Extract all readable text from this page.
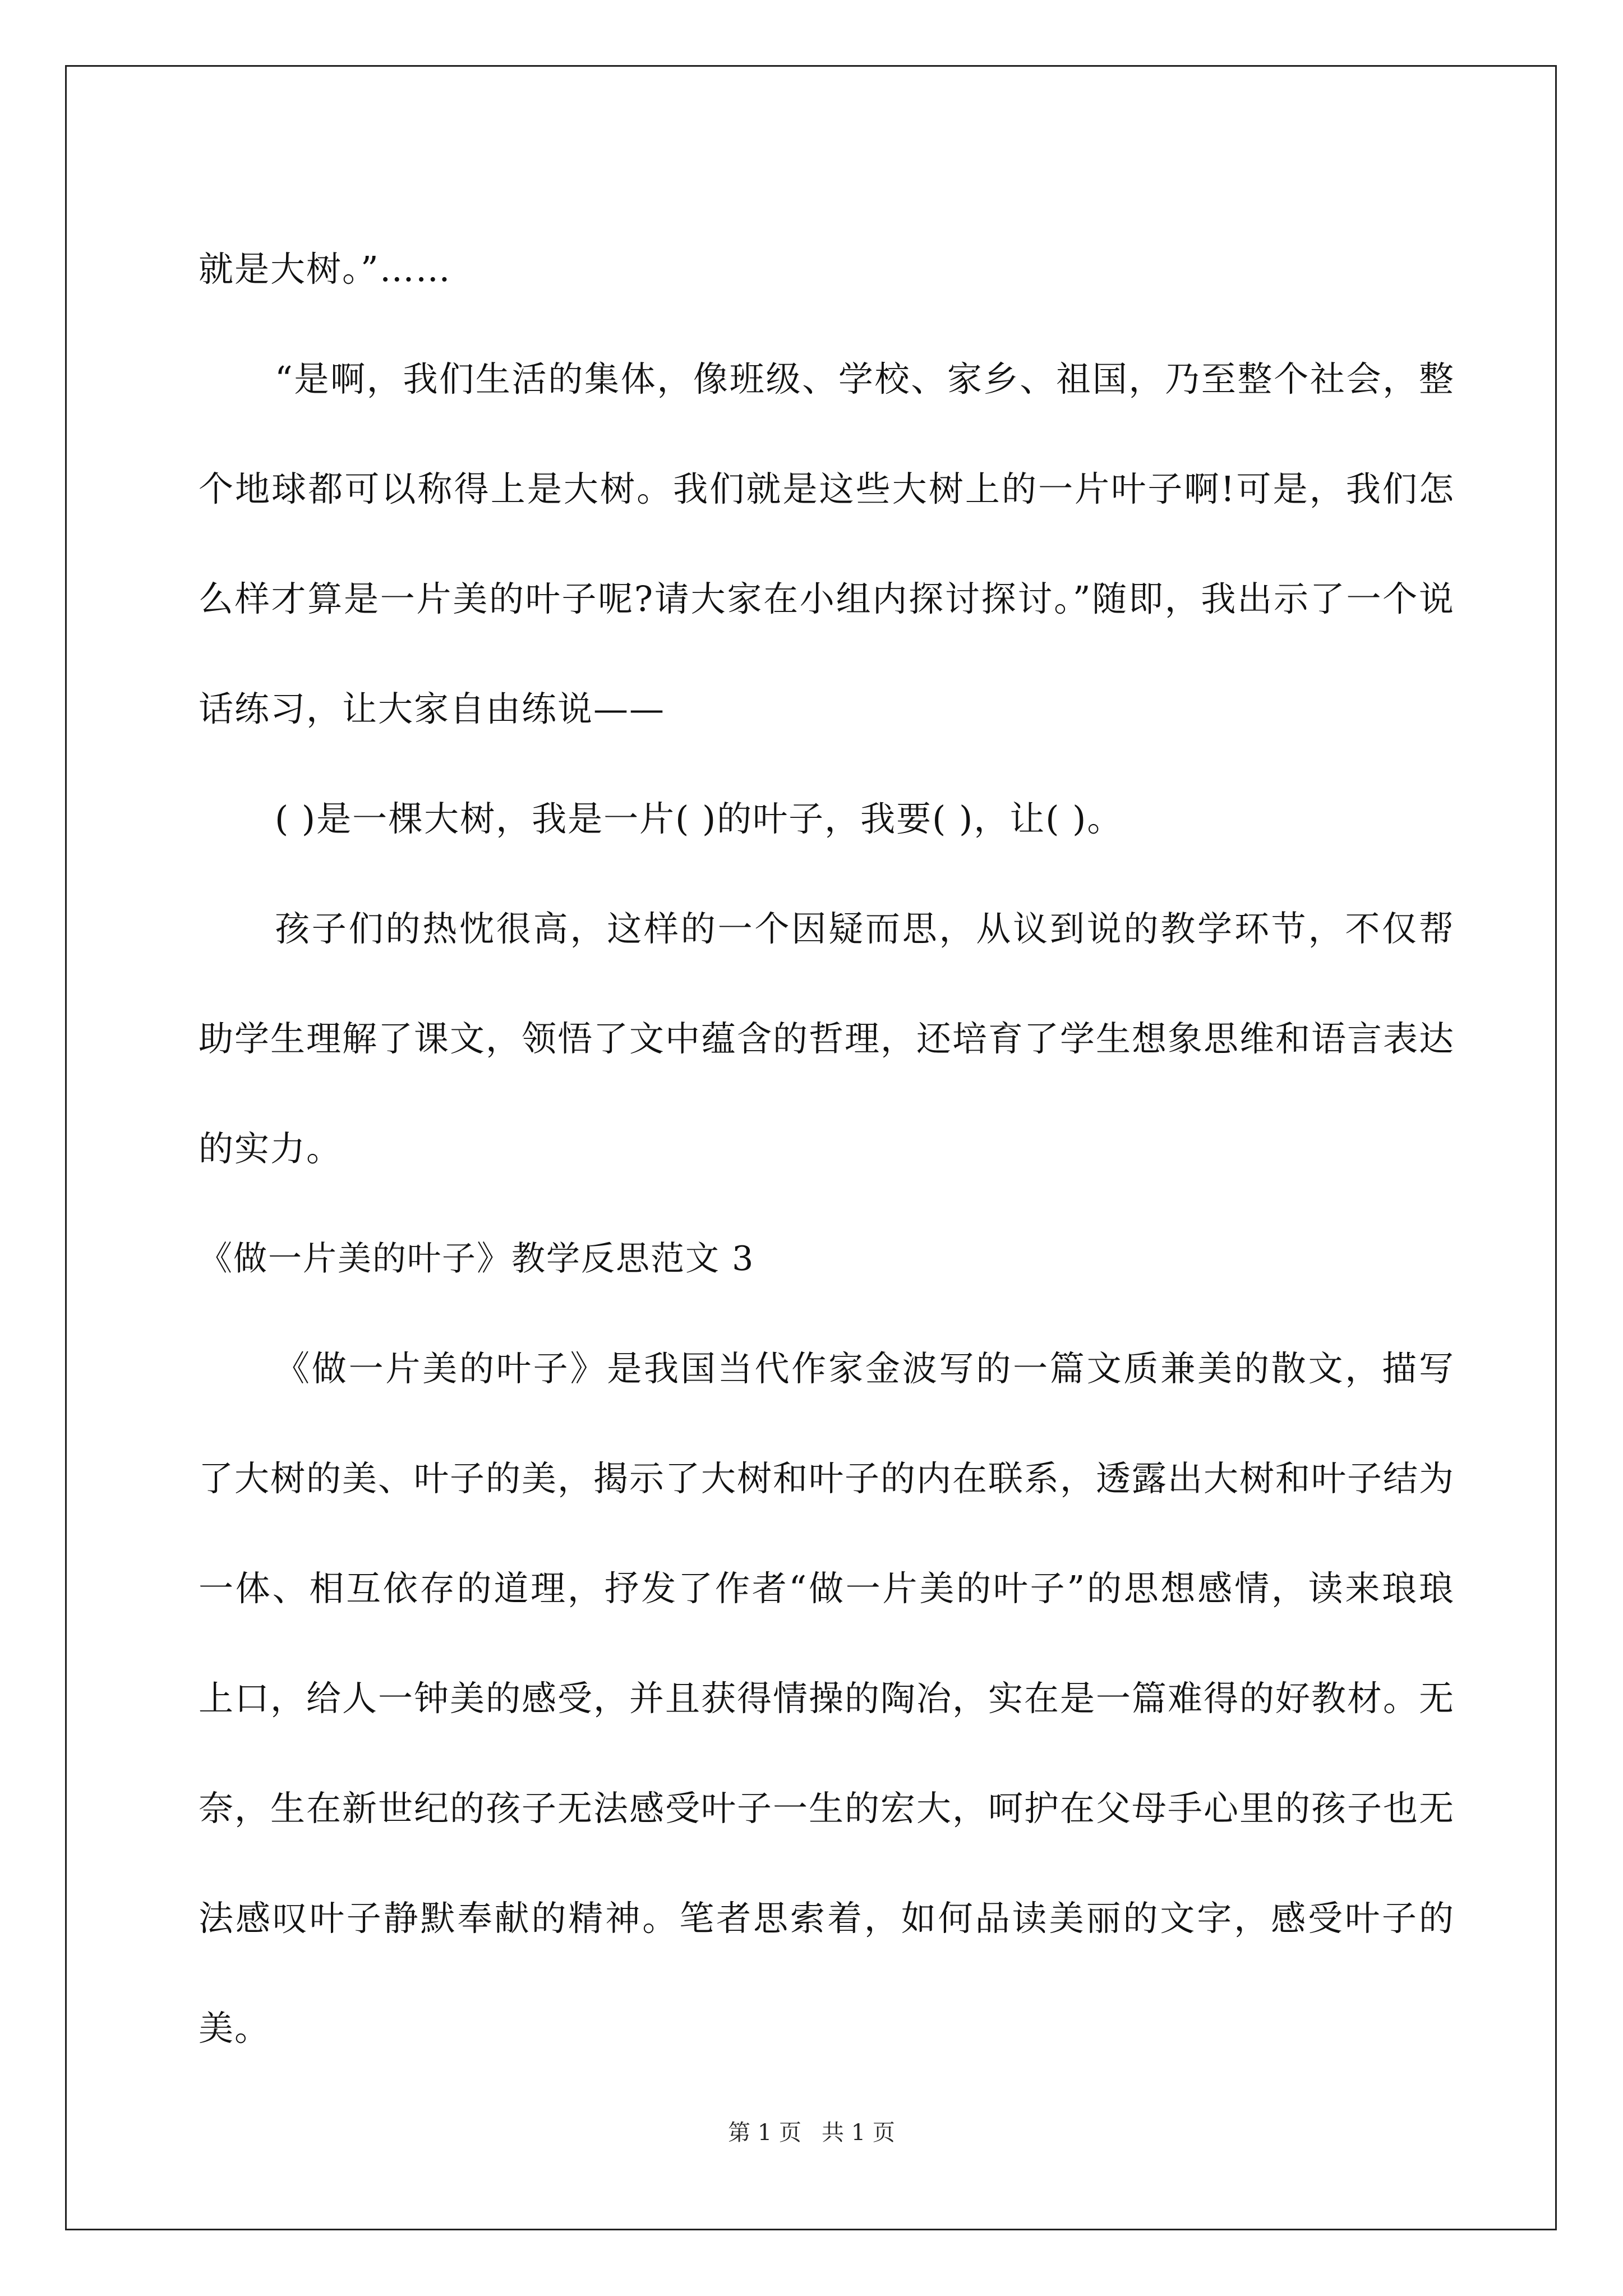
就是大树。”……

“是啊，我们生活的集体，像班级、学校、家乡、祖国，乃至整个社会，整个地球都可以称得上是大树。我们就是这些大树上的一片叶子啊!可是，我们怎么样才算是一片美的叶子呢?请大家在小组内探讨探讨。”随即，我出示了一个说话练习，让大家自由练说——

( )是一棵大树，我是一片( )的叶子，我要( )，让( )。

孩子们的热忱很高，这样的一个因疑而思，从议到说的教学环节，不仅帮助学生理解了课文，领悟了文中蕴含的哲理，还培育了学生想象思维和语言表达的实力。

《做一片美的叶子》教学反思范文 3

《做一片美的叶子》是我国当代作家金波写的一篇文质兼美的散文，描写了大树的美、叶子的美，揭示了大树和叶子的内在联系，透露出大树和叶子结为一体、相互依存的道理，抒发了作者“做一片美的叶子”的思想感情，读来琅琅上口，给人一钟美的感受，并且获得情操的陶冶，实在是一篇难得的好教材。无奈，生在新世纪的孩子无法感受叶子一生的宏大，呵护在父母手心里的孩子也无法感叹叶子静默奉献的精神。笔者思索着，如何品读美丽的文字，感受叶子的美。

第 1 页 共 1 页
